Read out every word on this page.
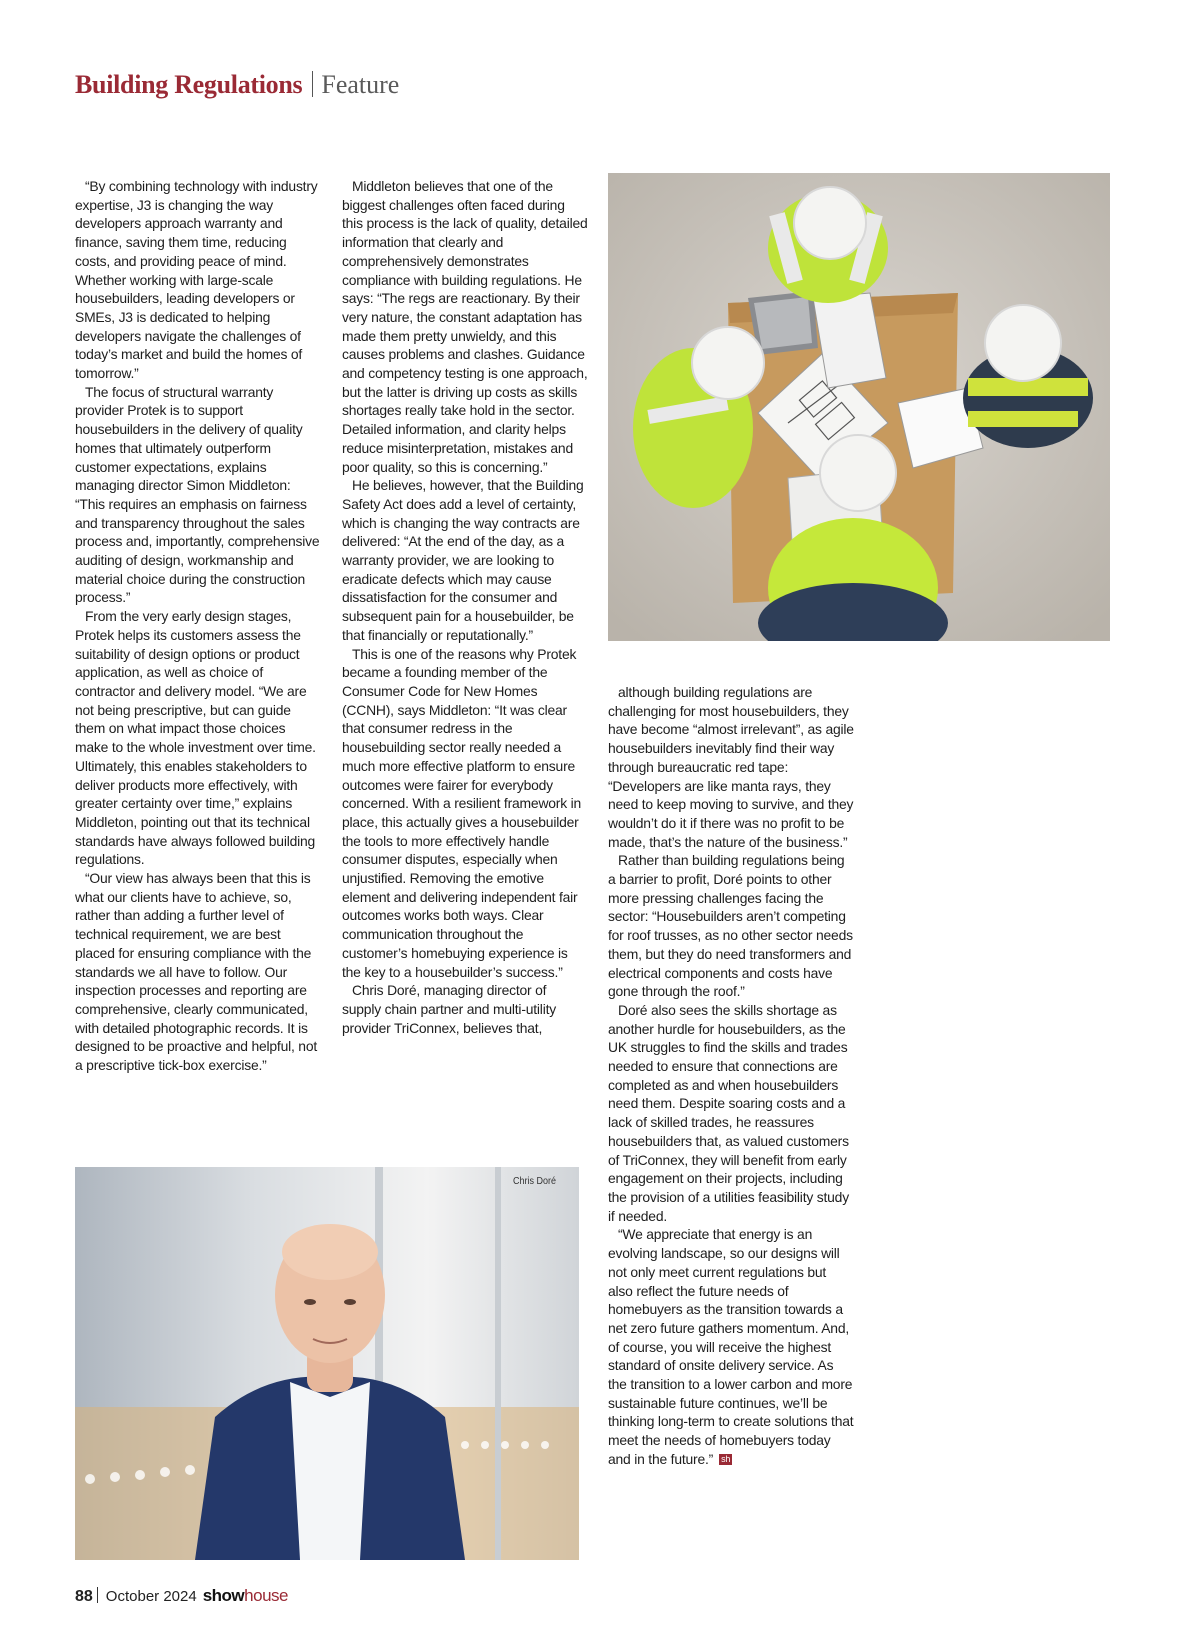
Building Regulations Feature

“By combining technology with industry expertise, J3 is changing the way developers approach warranty and finance, saving them time, reducing costs, and providing peace of mind. Whether working with large-scale housebuilders, leading developers or SMEs, J3 is dedicated to helping developers navigate the challenges of today’s market and build the homes of tomorrow.”

The focus of structural warranty provider Protek is to support housebuilders in the delivery of quality homes that ultimately outperform customer expectations, explains managing director Simon Middleton: “This requires an emphasis on fairness and transparency throughout the sales process and, importantly, comprehensive auditing of design, workmanship and material choice during the construction process.”

From the very early design stages, Protek helps its customers assess the suitability of design options or product application, as well as choice of contractor and delivery model. “We are not being prescriptive, but can guide them on what impact those choices make to the whole investment over time. Ultimately, this enables stakeholders to deliver products more effectively, with greater certainty over time,” explains Middleton, pointing out that its technical standards have always followed building regulations.

“Our view has always been that this is what our clients have to achieve, so, rather than adding a further level of technical requirement, we are best placed for ensuring compliance with the standards we all have to follow. Our inspection processes and reporting are comprehensive, clearly communicated, with detailed photographic records. It is designed to be proactive and helpful, not a prescriptive tick-box exercise.”

Middleton believes that one of the biggest challenges often faced during this process is the lack of quality, detailed information that clearly and comprehensively demonstrates compliance with building regulations. He says: “The regs are reactionary. By their very nature, the constant adaptation has made them pretty unwieldy, and this causes problems and clashes. Guidance and competency testing is one approach, but the latter is driving up costs as skills shortages really take hold in the sector. Detailed information, and clarity helps reduce misinterpretation, mistakes and poor quality, so this is concerning.”

He believes, however, that the Building Safety Act does add a level of certainty, which is changing the way contracts are delivered: “At the end of the day, as a warranty provider, we are looking to eradicate defects which may cause dissatisfaction for the consumer and subsequent pain for a housebuilder, be that financially or reputationally.”

This is one of the reasons why Protek became a founding member of the Consumer Code for New Homes (CCNH), says Middleton: “It was clear that consumer redress in the housebuilding sector really needed a much more effective platform to ensure outcomes were fairer for everybody concerned. With a resilient framework in place, this actually gives a housebuilder the tools to more effectively handle consumer disputes, especially when unjustified. Removing the emotive element and delivering independent fair outcomes works both ways. Clear communication throughout the customer’s homebuying experience is the key to a housebuilder’s success.”

Chris Doré, managing director of supply chain partner and multi-utility provider TriConnex, believes that,

although building regulations are challenging for most housebuilders, they have become “almost irrelevant”, as agile housebuilders inevitably find their way through bureaucratic red tape: “Developers are like manta rays, they need to keep moving to survive, and they wouldn’t do it if there was no profit to be made, that’s the nature of the business.”

Rather than building regulations being a barrier to profit, Doré points to other more pressing challenges facing the sector: “Housebuilders aren’t competing for roof trusses, as no other sector needs them, but they do need transformers and electrical components and costs have gone through the roof.”

Doré also sees the skills shortage as another hurdle for housebuilders, as the UK struggles to find the skills and trades needed to ensure that connections are completed as and when housebuilders need them. Despite soaring costs and a lack of skilled trades, he reassures housebuilders that, as valued customers of TriConnex, they will benefit from early engagement on their projects, including the provision of a utilities feasibility study if needed.

“We appreciate that energy is an evolving landscape, so our designs will not only meet current regulations but also reflect the future needs of homebuyers as the transition towards a net zero future gathers momentum. And, of course, you will receive the highest standard of onsite delivery service. As the transition to a lower carbon and more sustainable future continues, we’ll be thinking long-term to create solutions that meet the needs of homebuyers today and in the future.” sh

Chris Doré
88 October 2024 showhouse
